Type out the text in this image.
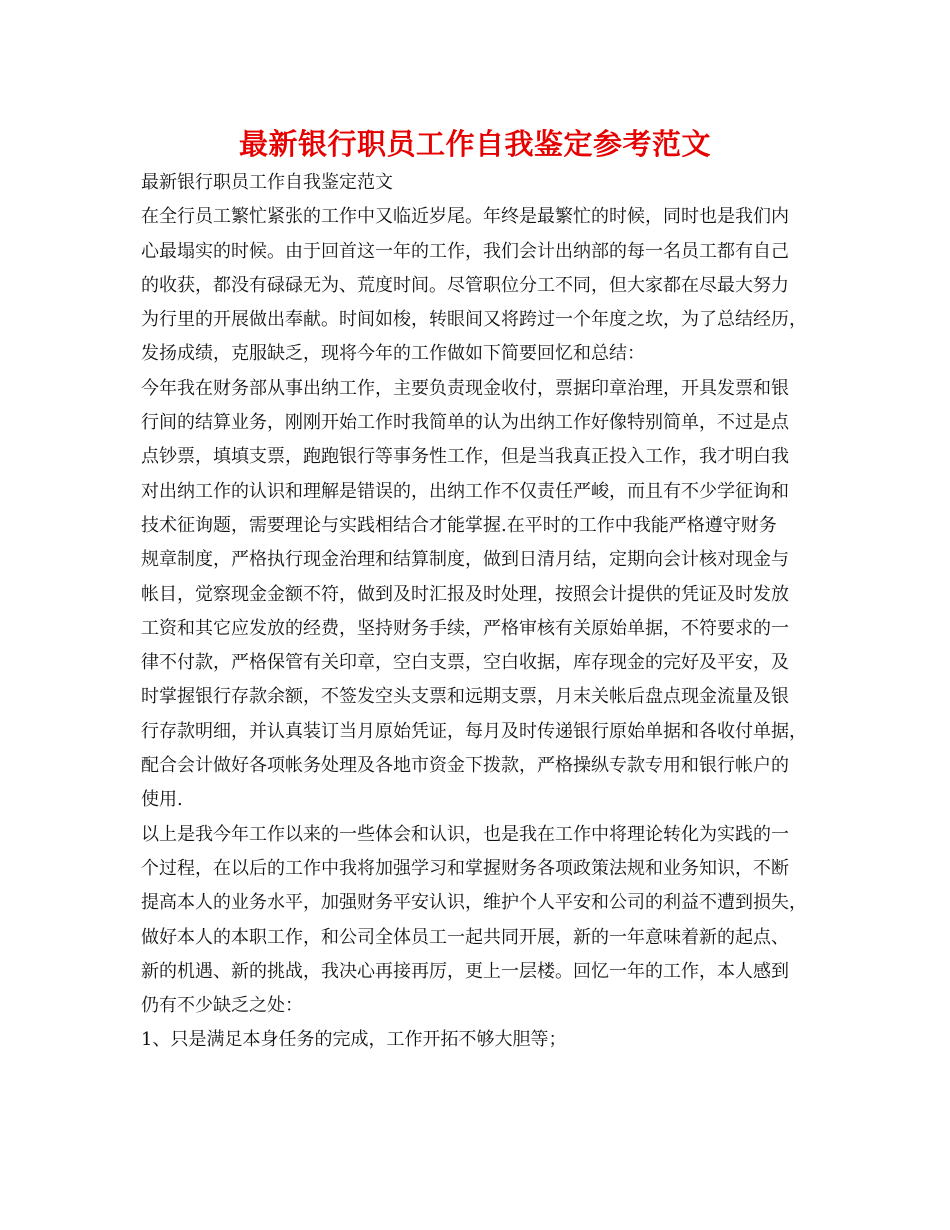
最新银行职员工作自我鉴定参考范文
最新银行职员工作自我鉴定范文
在全行员工繁忙紧张的工作中又临近岁尾。年终是最繁忙的时候，同时也是我们内
心最塌实的时候。由于回首这一年的工作，我们会计出纳部的每一名员工都有自己
的收获，都没有碌碌无为、荒度时间。尽管职位分工不同，但大家都在尽最大努力
为行里的开展做出奉献。时间如梭，转眼间又将跨过一个年度之坎，为了总结经历，
发扬成绩，克服缺乏，现将今年的工作做如下简要回忆和总结：
今年我在财务部从事出纳工作，主要负责现金收付，票据印章治理，开具发票和银
行间的结算业务，刚刚开始工作时我简单的认为出纳工作好像特别简单，不过是点
点钞票，填填支票，跑跑银行等事务性工作，但是当我真正投入工作，我才明白我
对出纳工作的认识和理解是错误的，出纳工作不仅责任严峻，而且有不少学征询和
技术征询题，需要理论与实践相结合才能掌握.在平时的工作中我能严格遵守财务
规章制度，严格执行现金治理和结算制度，做到日清月结，定期向会计核对现金与
帐目，觉察现金金额不符，做到及时汇报及时处理，按照会计提供的凭证及时发放
工资和其它应发放的经费，坚持财务手续，严格审核有关原始单据，不符要求的一
律不付款，严格保管有关印章，空白支票，空白收据，库存现金的完好及平安，及
时掌握银行存款余额，不签发空头支票和远期支票，月末关帐后盘点现金流量及银
行存款明细，并认真装订当月原始凭证，每月及时传递银行原始单据和各收付单据，
配合会计做好各项帐务处理及各地市资金下拨款，严格操纵专款专用和银行帐户的
使用.
以上是我今年工作以来的一些体会和认识，也是我在工作中将理论转化为实践的一
个过程，在以后的工作中我将加强学习和掌握财务各项政策法规和业务知识，不断
提高本人的业务水平，加强财务平安认识，维护个人平安和公司的利益不遭到损失，
做好本人的本职工作，和公司全体员工一起共同开展，新的一年意味着新的起点、
新的机遇、新的挑战，我决心再接再厉，更上一层楼。回忆一年的工作，本人感到
仍有不少缺乏之处：
1、只是满足本身任务的完成，工作开拓不够大胆等；
